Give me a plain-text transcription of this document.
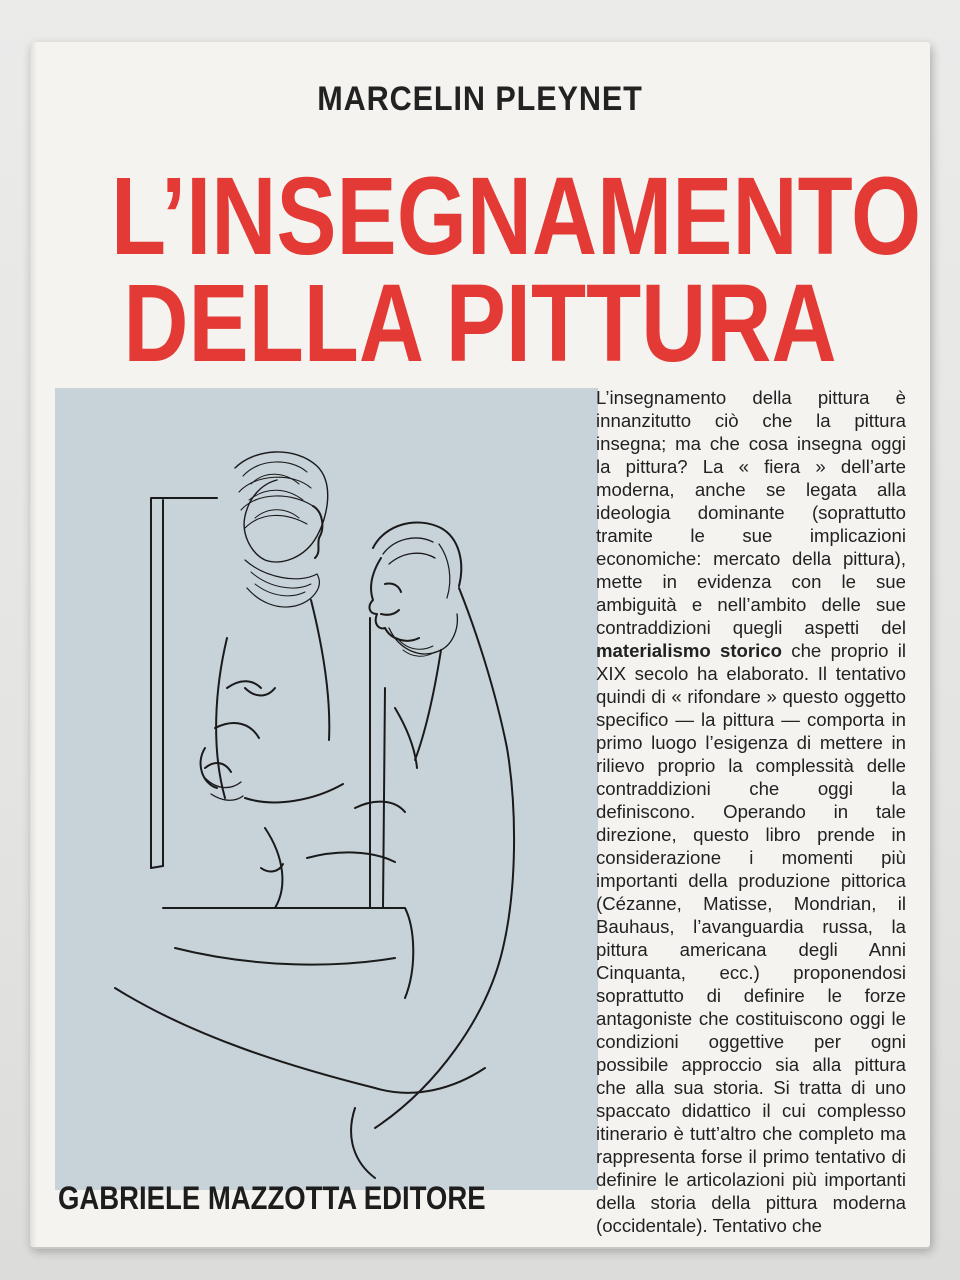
MARCELIN PLEYNET
L’INSEGNAMENTO
DELLA PITTURA

L’insegnamento della pittura è innanzitutto ciò che la pittura insegna; ma che cosa insegna oggi la pittura? La « fiera » dell’arte moderna, anche se legata alla ideologia dominante (soprattutto tramite le sue implicazioni economiche: mercato della pittura), mette in evidenza con le sue ambiguità e nell’ambito delle sue contraddizioni quegli aspetti del materialismo storico che proprio il XIX secolo ha elaborato. Il tentativo quindi di « rifondare » questo oggetto specifico — la pittura — comporta in primo luogo l’esigenza di mettere in rilievo proprio la complessità delle contraddizioni che oggi la definiscono. Operando in tale direzione, questo libro prende in considerazione i momenti più importanti della produzione pittorica (Cézanne, Matisse, Mondrian, il Bauhaus, l’avanguardia russa, la pittura americana degli Anni Cinquanta, ecc.) proponendosi soprattutto di definire le forze antagoniste che costituiscono oggi le condizioni oggettive per ogni possibile approccio sia alla pittura che alla sua storia. Si tratta di uno spaccato didattico il cui complesso itinerario è tutt’altro che completo ma rappresenta forse il primo tentativo di definire le articolazioni più importanti della storia della pittura moderna (occidentale). Tentativo che

GABRIELE MAZZOTTA EDITORE
